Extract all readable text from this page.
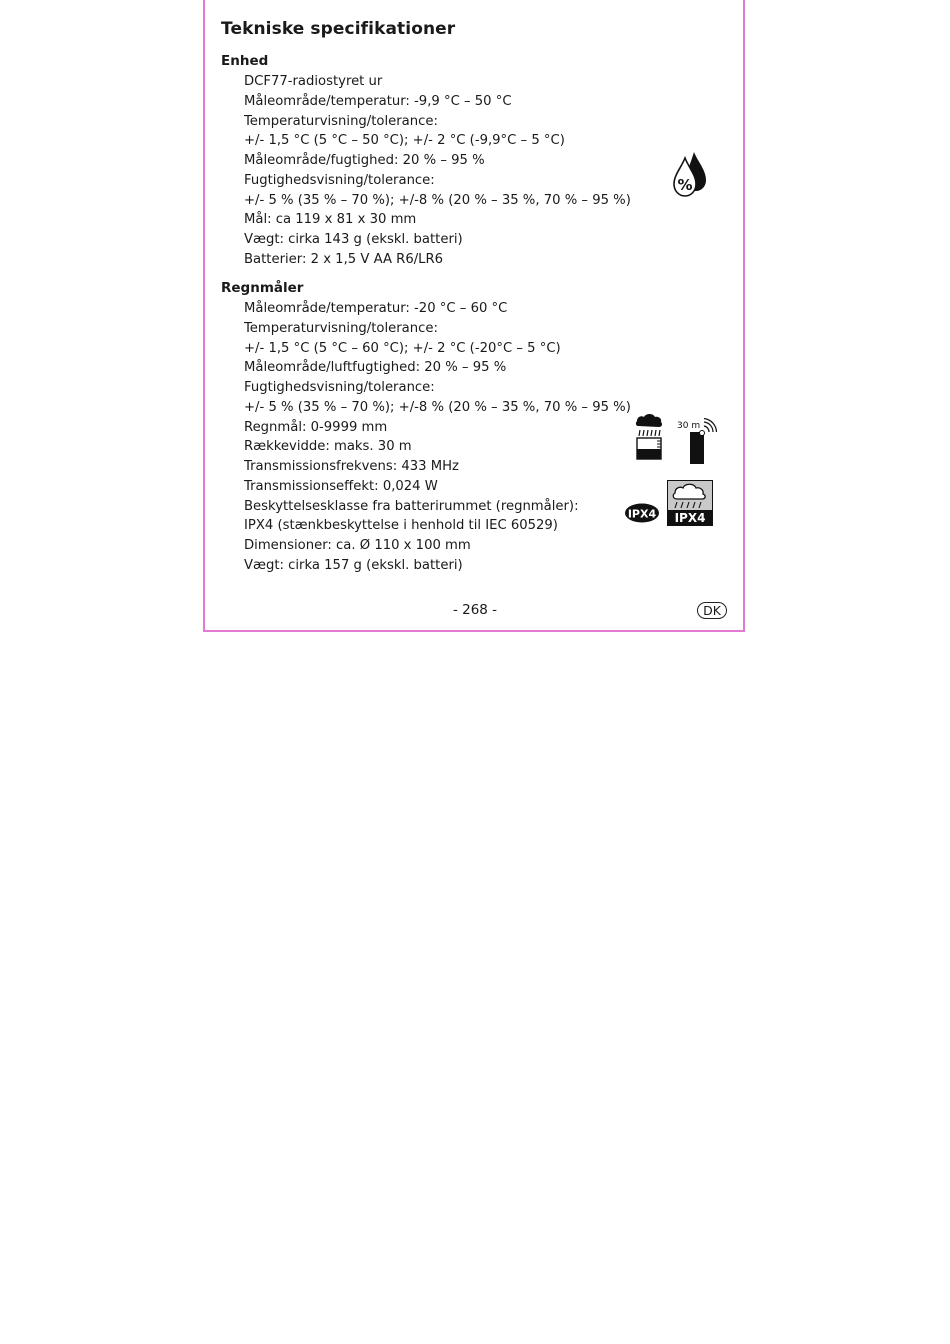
Tekniske specifikationer
Enhed
DCF77-radiostyret ur
Måleområde/temperatur: -9,9 °C – 50 °C
Temperaturvisning/tolerance:
+/- 1,5 °C (5 °C – 50 °C); +/- 2 °C (-9,9°C – 5 °C)
Måleområde/fugtighed: 20 % – 95 %
Fugtighedsvisning/tolerance:
+/- 5 % (35 % – 70 %); +/-8 % (20 % – 35 %, 70 % – 95 %)
Mål: ca 119 x 81 x 30 mm
Vægt: cirka 143 g (ekskl. batteri)
Batterier: 2 x 1,5 V AA R6/LR6
Regnmåler
Måleområde/temperatur: -20 °C – 60 °C
Temperaturvisning/tolerance:
+/- 1,5 °C (5 °C – 60 °C); +/- 2 °C (-20°C – 5 °C)
Måleområde/luftfugtighed: 20 % – 95 %
Fugtighedsvisning/tolerance:
+/- 5 % (35 % – 70 %); +/-8 % (20 % – 35 %, 70 % – 95 %)
Regnmål: 0-9999 mm
Rækkevidde: maks. 30 m
Transmissionsfrekvens: 433 MHz
Transmissionseffekt: 0,024 W
Beskyttelsesklasse fra batterirummet (regnmåler):
IPX4 (stænkbeskyttelse i henhold til IEC 60529)
Dimensioner: ca. Ø 110 x 100 mm
Vægt: cirka 157 g (ekskl. batteri)
%
30 m
IPX4 IPX4
- 268 -	DK
